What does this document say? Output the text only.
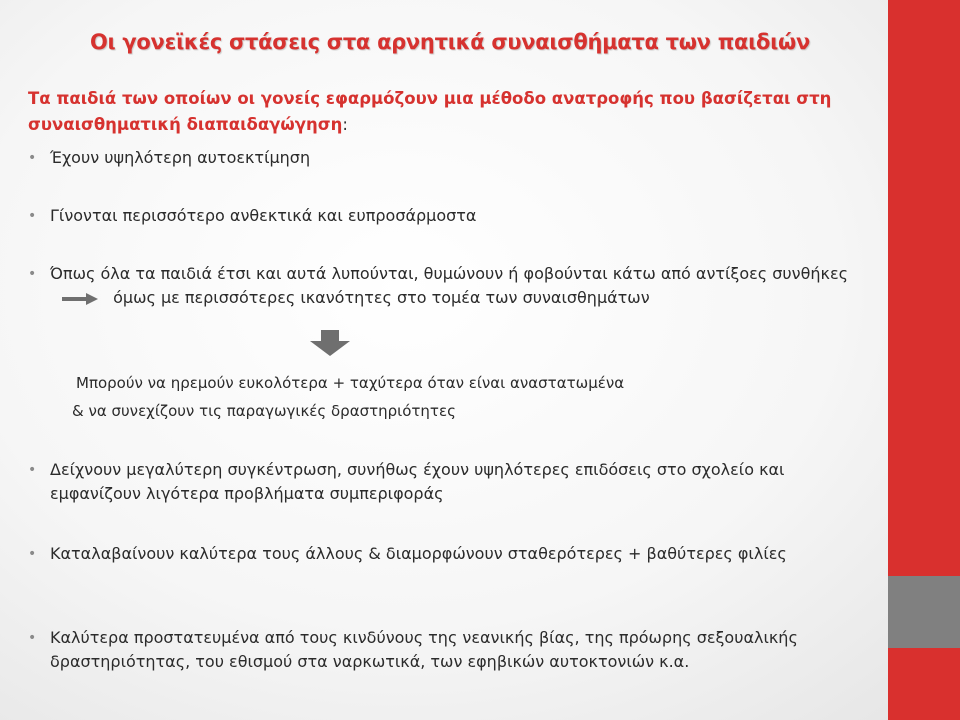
Οι γονεϊκές στάσεις στα αρνητικά συναισθήματα των παιδιών
Τα παιδιά των οποίων οι γονείς εφαρμόζουν μια μέθοδο ανατροφής που βασίζεται στη συναισθηματική διαπαιδαγώγηση:
• Έχουν υψηλότερη αυτοεκτίμηση
• Γίνονται περισσότερο ανθεκτικά και ευπροσάρμοστα
• Όπως όλα τα παιδιά έτσι και αυτά λυπούνται, θυμώνουν ή φοβούνται κάτω από αντίξοες συνθήκες  όμως με περισσότερες ικανότητες στο τομέα των συναισθημάτων
Μπορούν να ηρεμούν ευκολότερα + ταχύτερα όταν είναι αναστατωμένα
& να συνεχίζουν τις παραγωγικές δραστηριότητες
• Δείχνουν μεγαλύτερη συγκέντρωση, συνήθως έχουν υψηλότερες επιδόσεις στο σχολείο και εμφανίζουν λιγότερα προβλήματα συμπεριφοράς
• Καταλαβαίνουν καλύτερα τους άλλους & διαμορφώνουν σταθερότερες + βαθύτερες φιλίες
• Καλύτερα προστατευμένα από τους κινδύνους της νεανικής βίας, της πρόωρης σεξουαλικής δραστηριότητας, του εθισμού στα ναρκωτικά, των εφηβικών αυτοκτονιών κ.α.
